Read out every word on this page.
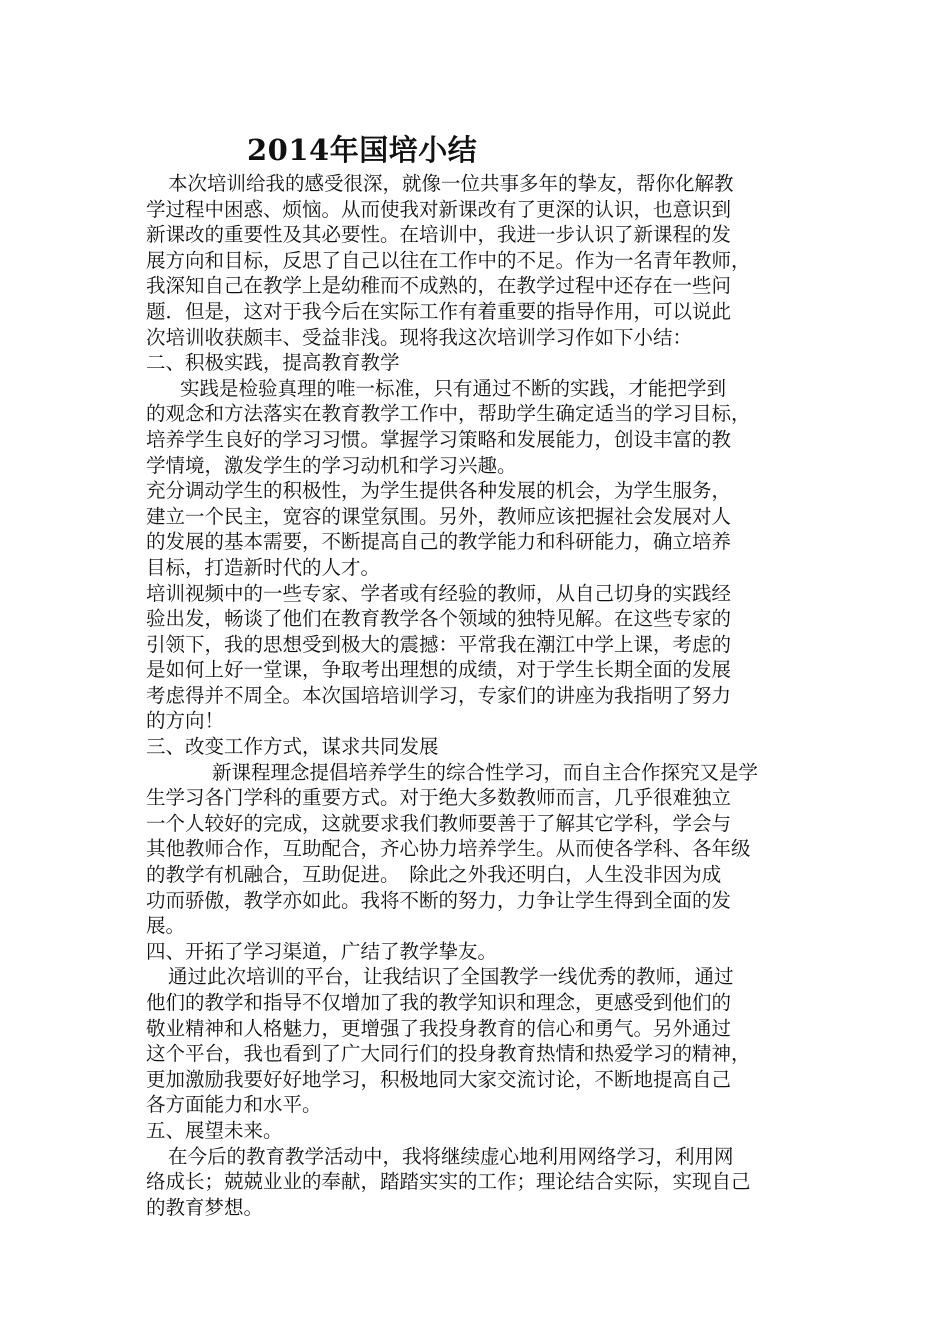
2014年国培小结
本次培训给我的感受很深，就像一位共事多年的挚友，帮你化解教
学过程中困惑、烦恼。从而使我对新课改有了更深的认识，也意识到
新课改的重要性及其必要性。在培训中，我进一步认识了新课程的发
展方向和目标，反思了自己以往在工作中的不足。作为一名青年教师，
我深知自己在教学上是幼稚而不成熟的，在教学过程中还存在一些问
题．但是，这对于我今后在实际工作有着重要的指导作用，可以说此
次培训收获颇丰、受益非浅。现将我这次培训学习作如下小结：
二、积极实践，提高教育教学
实践是检验真理的唯一标准，只有通过不断的实践，才能把学到
的观念和方法落实在教育教学工作中，帮助学生确定适当的学习目标，
培养学生良好的学习习惯。掌握学习策略和发展能力，创设丰富的教
学情境，激发学生的学习动机和学习兴趣。
充分调动学生的积极性，为学生提供各种发展的机会，为学生服务，
建立一个民主，宽容的课堂氛围。另外，教师应该把握社会发展对人
的发展的基本需要，不断提高自己的教学能力和科研能力，确立培养
目标，打造新时代的人才。
培训视频中的一些专家、学者或有经验的教师，从自己切身的实践经
验出发，畅谈了他们在教育教学各个领域的独特见解。在这些专家的
引领下，我的思想受到极大的震撼：平常我在潮江中学上课，考虑的
是如何上好一堂课，争取考出理想的成绩，对于学生长期全面的发展
考虑得并不周全。本次国培培训学习，专家们的讲座为我指明了努力
的方向！
三、改变工作方式，谋求共同发展
新课程理念提倡培养学生的综合性学习，而自主合作探究又是学
生学习各门学科的重要方式。对于绝大多数教师而言，几乎很难独立
一个人较好的完成，这就要求我们教师要善于了解其它学科，学会与
其他教师合作，互助配合，齐心协力培养学生。从而使各学科、各年级
的教学有机融合，互助促进。　除此之外我还明白，人生没非因为成
功而骄傲，教学亦如此。我将不断的努力，力争让学生得到全面的发
展。
四、开拓了学习渠道，广结了教学挚友。
通过此次培训的平台，让我结识了全国教学一线优秀的教师，通过
他们的教学和指导不仅增加了我的教学知识和理念，更感受到他们的
敬业精神和人格魅力，更增强了我投身教育的信心和勇气。另外通过
这个平台，我也看到了广大同行们的投身教育热情和热爱学习的精神，
更加激励我要好好地学习，积极地同大家交流讨论，不断地提高自己
各方面能力和水平。
五、展望未来。
在今后的教育教学活动中，我将继续虚心地利用网络学习，利用网
络成长；兢兢业业的奉献，踏踏实实的工作；理论结合实际，实现自己
的教育梦想。
